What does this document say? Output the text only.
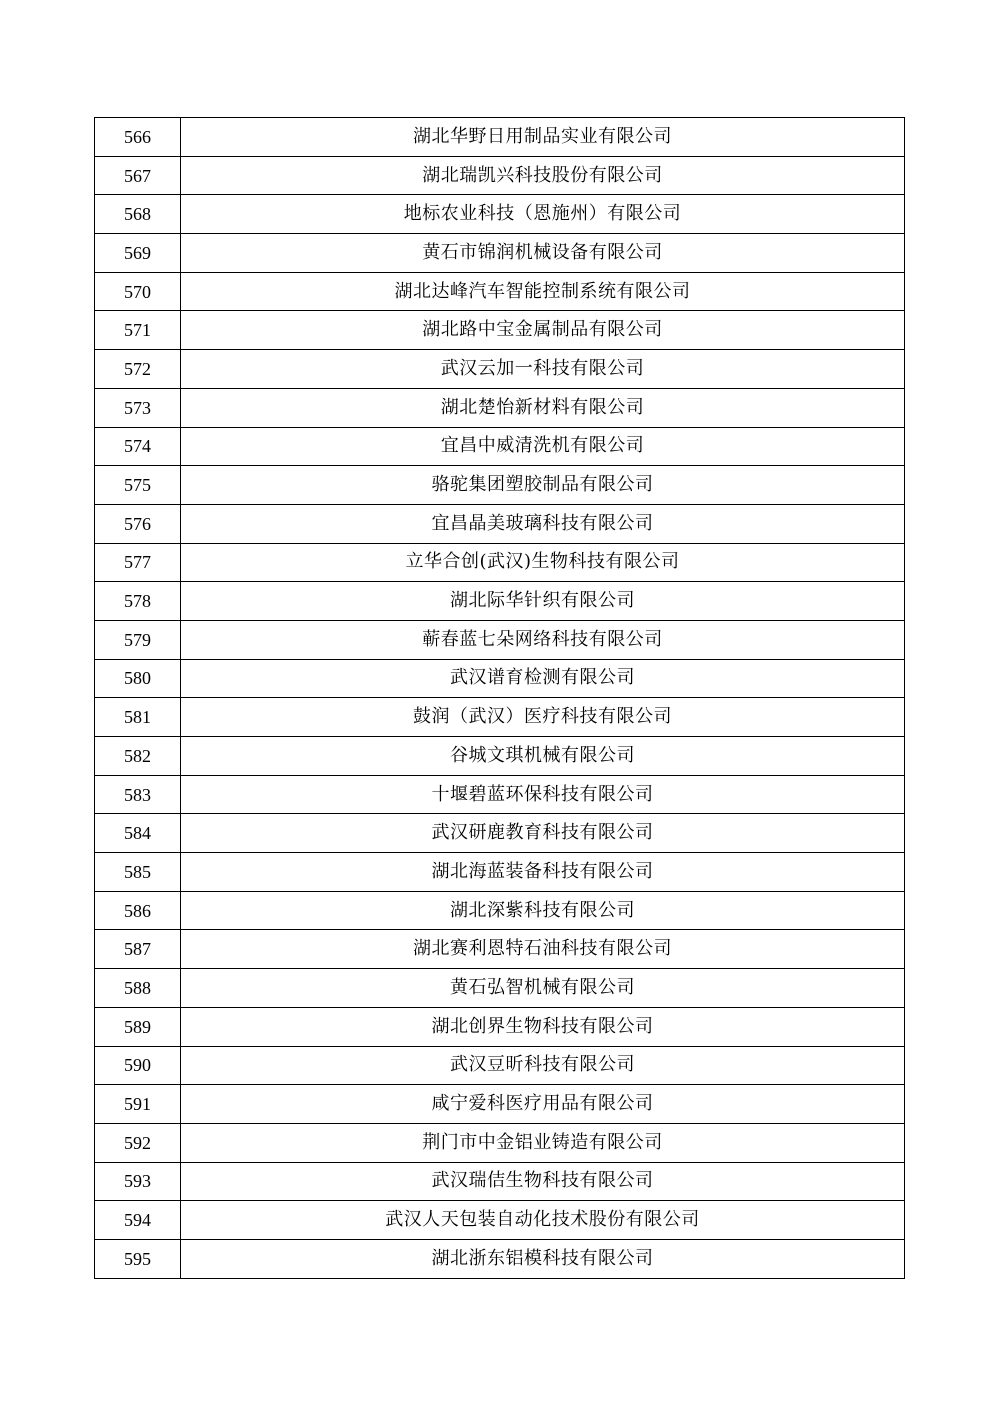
566	湖北华野日用制品实业有限公司
567	湖北瑞凯兴科技股份有限公司
568	地标农业科技（恩施州）有限公司
569	黄石市锦润机械设备有限公司
570	湖北达峰汽车智能控制系统有限公司
571	湖北路中宝金属制品有限公司
572	武汉云加一科技有限公司
573	湖北楚怡新材料有限公司
574	宜昌中威清洗机有限公司
575	骆驼集团塑胶制品有限公司
576	宜昌晶美玻璃科技有限公司
577	立华合创(武汉)生物科技有限公司
578	湖北际华针织有限公司
579	蕲春蓝七朵网络科技有限公司
580	武汉谱育检测有限公司
581	鼓润（武汉）医疗科技有限公司
582	谷城文琪机械有限公司
583	十堰碧蓝环保科技有限公司
584	武汉研鹿教育科技有限公司
585	湖北海蓝装备科技有限公司
586	湖北深紫科技有限公司
587	湖北赛利恩特石油科技有限公司
588	黄石弘智机械有限公司
589	湖北创界生物科技有限公司
590	武汉豆昕科技有限公司
591	咸宁爱科医疗用品有限公司
592	荆门市中金铝业铸造有限公司
593	武汉瑞佶生物科技有限公司
594	武汉人天包装自动化技术股份有限公司
595	湖北浙东铝模科技有限公司
